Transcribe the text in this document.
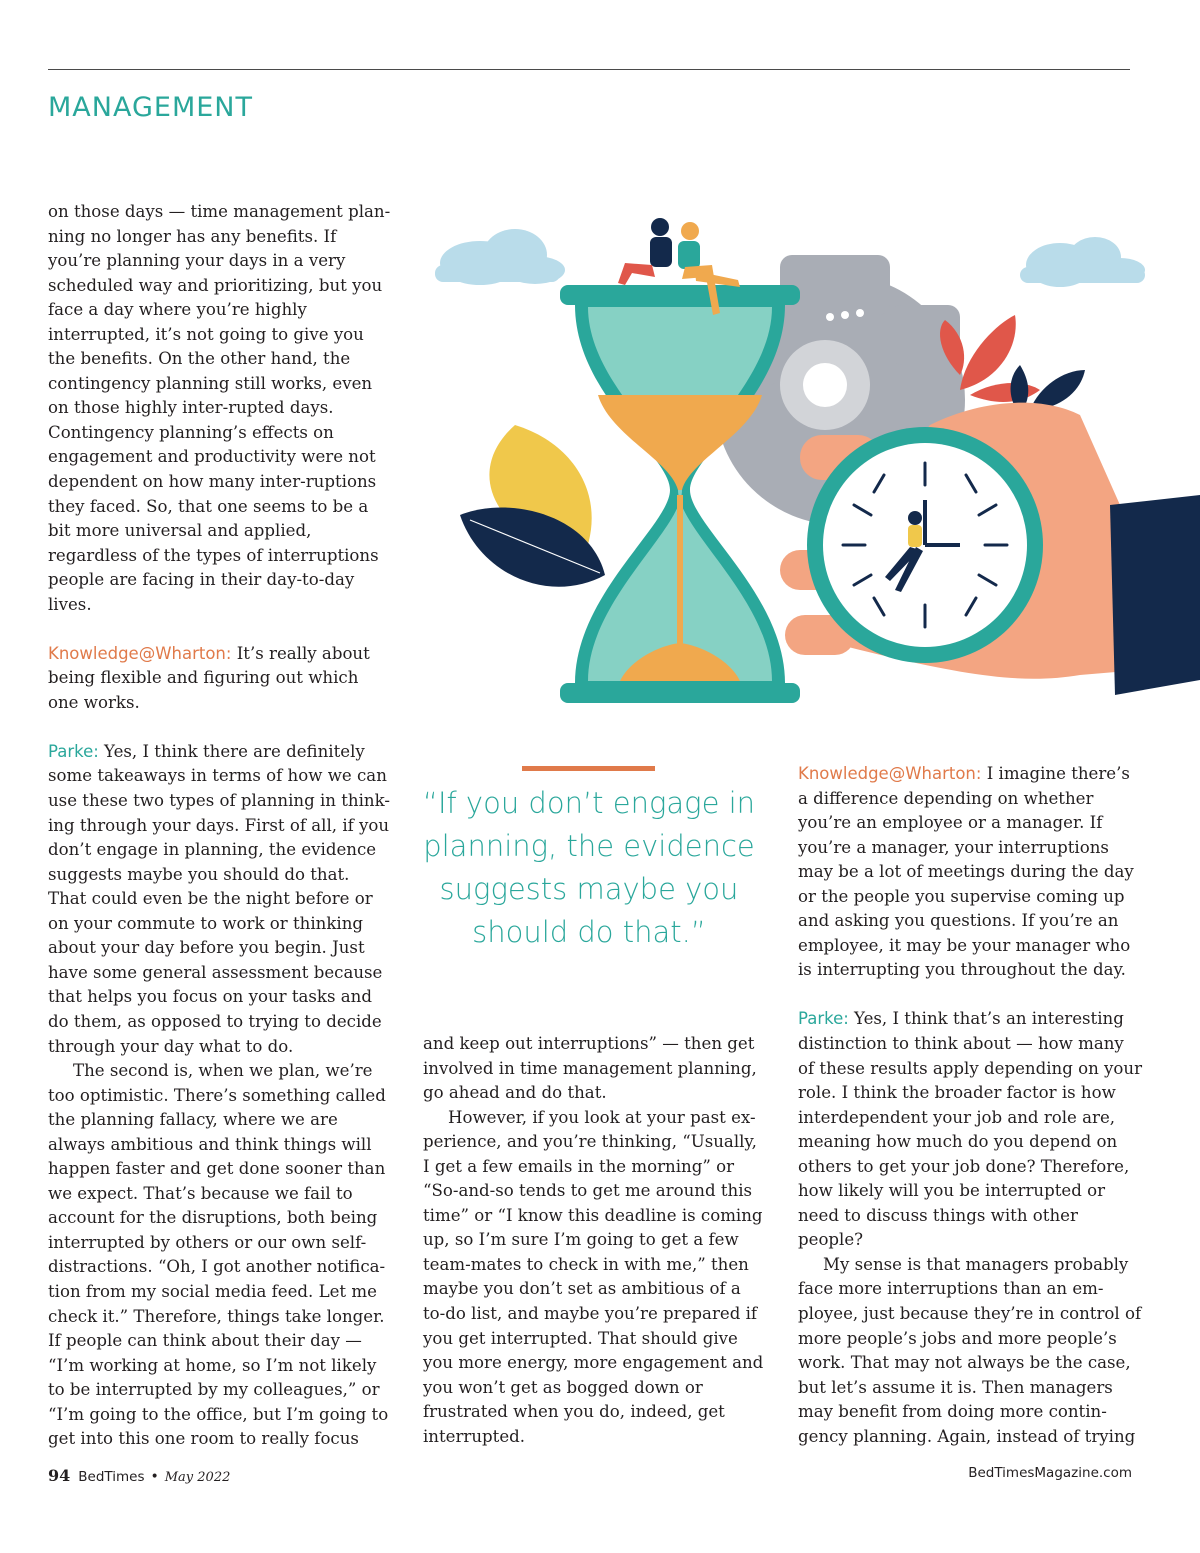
MANAGEMENT

on those days — time management plan-ning no longer has any benefits. If you’re planning your days in a very scheduled way and prioritizing, but you face a day where you’re highly interrupted, it’s not going to give you the benefits. On the other hand, the contingency planning still works, even on those highly inter-rupted days. Contingency planning’s effects on engagement and productivity were not dependent on how many inter-ruptions they faced. So, that one seems to be a bit more universal and applied, regardless of the types of interruptions people are facing in their day-to-day lives.

Knowledge@Wharton: It’s really about being flexible and figuring out which one works.

Parke: Yes, I think there are definitely some takeaways in terms of how we can use these two types of planning in think-ing through your days. First of all, if you don’t engage in planning, the evidence suggests maybe you should do that. That could even be the night before or on your commute to work or thinking about your day before you begin. Just have some general assessment because that helps you focus on your tasks and do them, as opposed to trying to decide through your day what to do.

The second is, when we plan, we’re too optimistic. There’s something called the planning fallacy, where we are always ambitious and think things will happen faster and get done sooner than we expect. That’s because we fail to account for the disruptions, both being interrupted by others or our own self-distractions. “Oh, I got another notifica-tion from my social media feed. Let me check it.” Therefore, things take longer. If people can think about their day — “I’m working at home, so I’m not likely to be interrupted by my colleagues,” or “I’m going to the office, but I’m going to get into this one room to really focus

“If you don’t engage in planning, the evidence suggests maybe you should do that.”

and keep out interruptions” — then get involved in time management planning, go ahead and do that.

However, if you look at your past ex-perience, and you’re thinking, “Usually, I get a few emails in the morning” or “So-and-so tends to get me around this time” or “I know this deadline is coming up, so I’m sure I’m going to get a few team-mates to check in with me,” then maybe you don’t set as ambitious of a to-do list, and maybe you’re prepared if you get interrupted. That should give you more energy, more engagement and you won’t get as bogged down or frustrated when you do, indeed, get interrupted.

Knowledge@Wharton: I imagine there’s a difference depending on whether you’re an employee or a manager. If you’re a manager, your interruptions may be a lot of meetings during the day or the people you supervise coming up and asking you questions. If you’re an employee, it may be your manager who is interrupting you throughout the day.

Parke: Yes, I think that’s an interesting distinction to think about — how many of these results apply depending on your role. I think the broader factor is how interdependent your job and role are, meaning how much do you depend on others to get your job done? Therefore, how likely will you be interrupted or need to discuss things with other people?

My sense is that managers probably face more interruptions than an em-ployee, just because they’re in control of more people’s jobs and more people’s work. That may not always be the case, but let’s assume it is. Then managers may benefit from doing more contin-gency planning. Again, instead of trying

94 BedTimes • May 2022	BedTimesMagazine.com
